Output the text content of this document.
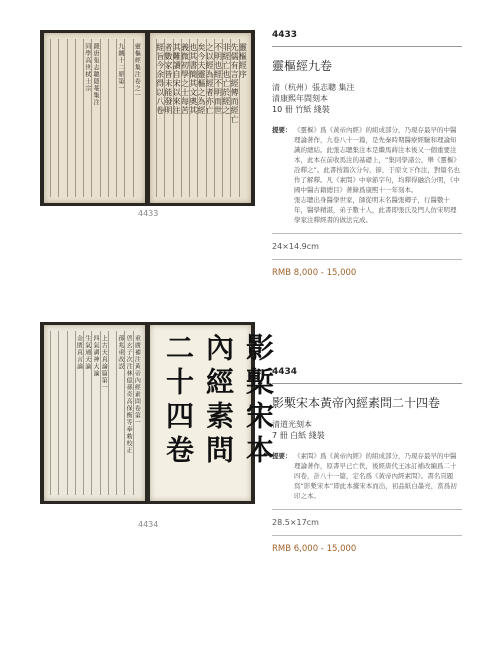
靈樞經集注卷之一
九鍼十二原第一
錢唐張志聰隱菴集注
同學高世栻士宗	靈樞經序
先儒有言經傳而經亡
非經亡也亡於經之
不明也經不明而世
之以經為經者亦亡
矣今夫靈樞之為經
也其書簡其文奧其
義微初學之士每苦
其難讀自宋以來注
者數家皆未能發明
經旨今余得以八卷
4433
4433
靈樞經九卷
清（杭州）張志聰 集注
清康熙年間刻本
10 冊 竹紙 綫裝
提要： 《靈樞》爲《黃帝內經》的組成部分，乃現存最早的中醫理論著作，九卷八十一篇，是先秦時期醫療經驗和理論知識的總結。此張志聰集注本是繼馬蒔注本後又一個重要注本，此本在前收馬注的基礎上，“集同學諸公，舉《靈樞》詮釋之”。此書按篇次分句、節，于原文下作注，對篇名也作了解釋。凡《素問》中章節字句，均釋得融洽分明，《中國中醫古籍總目》著錄爲康熙十一年刻本。

張志聰出身醫學世家，師從明末名醫張卿子，行醫數十年，醫學精湛，弟子數十人，此書即張氏及門人仿宋明理學家注釋經書的做法完成。

24×14.9cm
RMB 8,000 - 15,000
重廣補注黃帝內經素問卷第一
啓玄子次注林億孫奇高保衡等奉勅校正
孫兆重改誤
上古天真論篇第一
四氣調神大論
生氣通天論
金匱真言論	影槧宋本
內經素問
二十四卷
4434
4434
影槧宋本黃帝內經素問二十四卷
清道光刻本
7 冊 白紙 綫裝
提要： 《素問》爲《黃帝內經》的組成部分，乃現存最早的中醫理論著作，原書早已亡佚，後經唐代王冰訂補改編爲二十四卷，計八十一篇，定名爲《黃帝內經素問》。書名頁題寫“影槧宋本”即此本據宋本而出，初品紙白墨亮，當爲初印之本。

28.5×17cm
RMB 6,000 - 15,000
